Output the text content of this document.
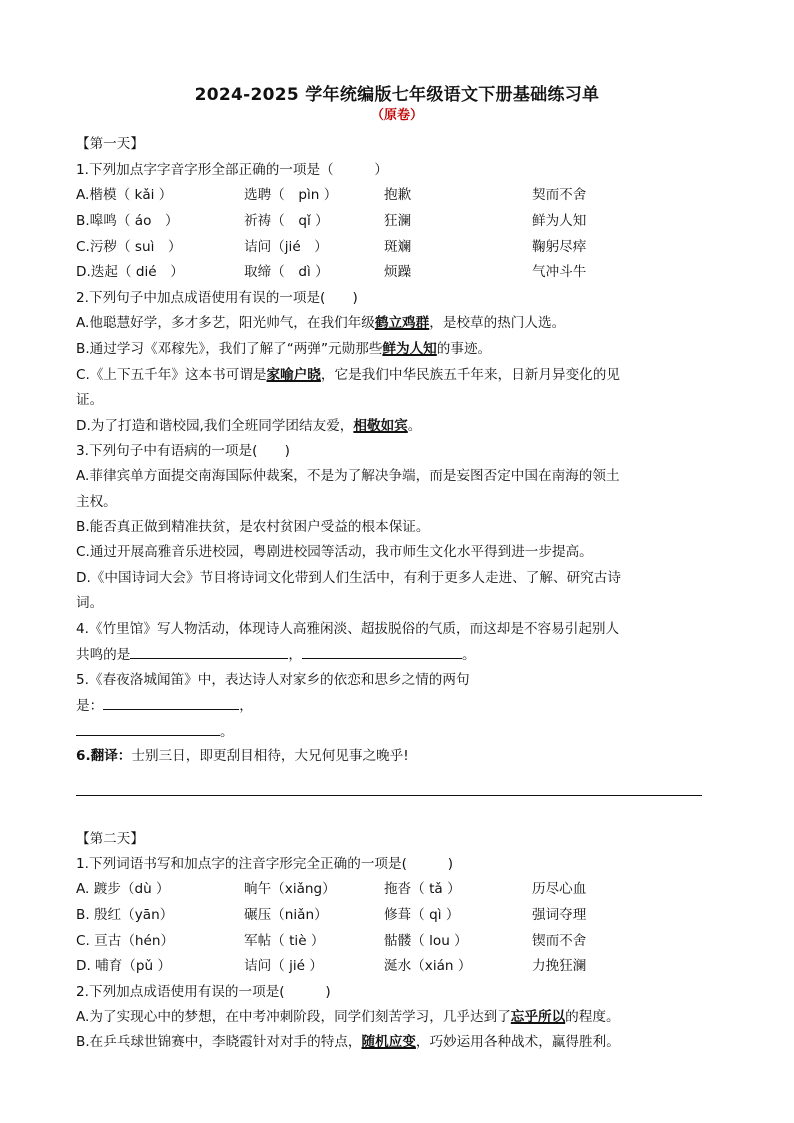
2024-2025 学年统编版七年级语文下册基础练习单
（原卷）
【第一天】
1.下列加点字字音字形全部正确的一项是（　　　）
A.楷模（ kǎi ）	选聘（　pìn ）	抱歉	契而不舍
B.嗥鸣（ áo　）	祈祷（　qǐ ）	狂澜	鲜为人知
C.污秽（ suì　）	诘问（jié　）	斑斓	鞠躬尽瘁
D.迭起（ dié　）	取缔（　dì ）	烦躁	气冲斗牛
2.下列句子中加点成语使用有误的一项是(　　)
A.他聪慧好学，多才多艺，阳光帅气，在我们年级鹤立鸡群，是校草的热门人选。
B.通过学习《邓稼先》，我们了解了“两弹”元勋那些鲜为人知的事迹。
C.《上下五千年》这本书可谓是家喻户晓，它是我们中华民族五千年来，日新月异变化的见
证。
D.为了打造和谐校园,我们全班同学团结友爱，相敬如宾。
3.下列句子中有语病的一项是(　　)
A.菲律宾单方面提交南海国际仲裁案，不是为了解决争端，而是妄图否定中国在南海的领土
主权。
B.能否真正做到精准扶贫，是农村贫困户受益的根本保证。
C.通过开展高雅音乐进校园，粤剧进校园等活动，我市师生文化水平得到进一步提高。
D.《中国诗词大会》节目将诗词文化带到人们生活中，有利于更多人走进、了解、研究古诗
词。
4.《竹里馆》写人物活动，体现诗人高雅闲淡、超拔脱俗的气质，而这却是不容易引起别人
共鸣的是	，	。
5.《春夜洛城闻笛》中，表达诗人对家乡的依恋和思乡之情的两句
是：	，
。
6.翻译：士别三日，即更刮目相待，大兄何见事之晚乎!
【第二天】
1.下列词语书写和加点字的注音字形完全正确的一项是(　　　)
A. 踱步（dù ）	晌午（xiǎng）	拖沓（ tǎ ）	历尽心血
B. 殷红（yān）	碾压（niǎn）	修葺（ qì ）	强词夺理
C. 亘古（hén）	军帖（ tiè ）	骷髅（ lou ）	锲而不舍
D. 哺育（pǔ ）	诘问（ jié ）	涎水（xián ）	力挽狂澜
2.下列加点成语使用有误的一项是(　　　)
A.为了实现心中的梦想，在中考冲刺阶段，同学们刻苦学习，几乎达到了忘乎所以的程度。
B.在乒乓球世锦赛中，李晓霞针对对手的特点，随机应变，巧妙运用各种战术，赢得胜利。
